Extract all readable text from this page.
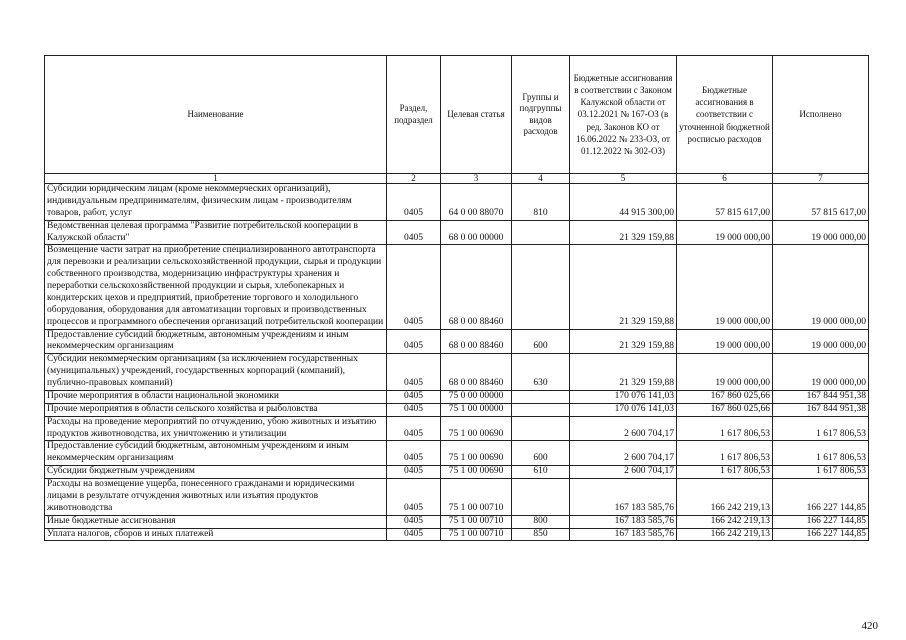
Наименование	Раздел, подраздел	Целевая статья	Группы и подгруппы видов расходов	Бюджетные ассигнования в соответствии с Законом Калужской области от 03.12.2021 № 167-ОЗ (в ред. Законов КО от 16.06.2022 № 233-ОЗ, от 01.12.2022 № 302-ОЗ)	Бюджетные ассигнования в соответствии с уточненной бюджетной росписью расходов	Исполнено
1	2	3	4	5	6	7
Субсидии юридическим лицам (кроме некоммерческих организаций), индивидуальным предпринимателям, физическим лицам - производителям товаров, работ, услуг	0405	64 0 00 88070	810	44 915 300,00	57 815 617,00	57 815 617,00
Ведомственная целевая программа "Развитие потребительской кооперации в Калужской области"	0405	68 0 00 00000		21 329 159,88	19 000 000,00	19 000 000,00
Возмещение части затрат на приобретение специализированного автотранспорта для перевозки и реализации сельскохозяйственной продукции, сырья и продукции собственного производства, модернизацию инфраструктуры хранения и переработки сельскохозяйственной продукции и сырья, хлебопекарных и кондитерских цехов и предприятий, приобретение торгового и холодильного оборудования, оборудования для автоматизации торговых и производственных процессов и программного обеспечения организаций потребительской кооперации	0405	68 0 00 88460		21 329 159,88	19 000 000,00	19 000 000,00
Предоставление субсидий бюджетным, автономным учреждениям и иным некоммерческим организациям	0405	68 0 00 88460	600	21 329 159,88	19 000 000,00	19 000 000,00
Субсидии некоммерческим организациям (за исключением государственных (муниципальных) учреждений, государственных корпораций (компаний), публично-правовых компаний)	0405	68 0 00 88460	630	21 329 159,88	19 000 000,00	19 000 000,00
Прочие мероприятия в области национальной экономики	0405	75 0 00 00000		170 076 141,03	167 860 025,66	167 844 951,38
Прочие мероприятия в области сельского хозяйства и рыболовства	0405	75 1 00 00000		170 076 141,03	167 860 025,66	167 844 951,38
Расходы на проведение мероприятий по отчуждению, убою животных и изъятию продуктов животноводства, их уничтожению и утилизации	0405	75 1 00 00690		2 600 704,17	1 617 806,53	1 617 806,53
Предоставление субсидий бюджетным, автономным учреждениям и иным некоммерческим организациям	0405	75 1 00 00690	600	2 600 704,17	1 617 806,53	1 617 806,53
Субсидии бюджетным учреждениям	0405	75 1 00 00690	610	2 600 704,17	1 617 806,53	1 617 806,53
Расходы на возмещение ущерба, понесенного гражданами и юридическими лицами в результате отчуждения животных или изъятия продуктов животноводства	0405	75 1 00 00710		167 183 585,76	166 242 219,13	166 227 144,85
Иные бюджетные ассигнования	0405	75 1 00 00710	800	167 183 585,76	166 242 219,13	166 227 144,85
Уплата налогов, сборов и иных платежей	0405	75 1 00 00710	850	167 183 585,76	166 242 219,13	166 227 144,85
420
